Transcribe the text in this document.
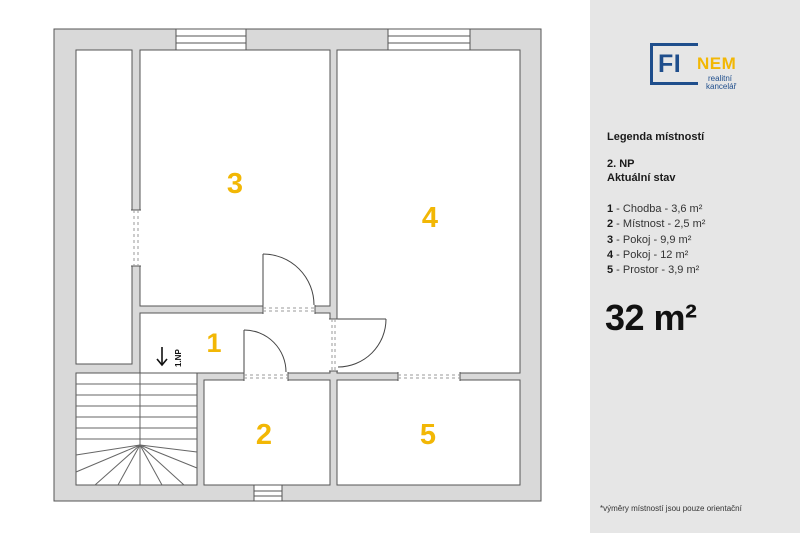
1.NP
3
4
1
2	5
FI NEM
realitní
kancelář
Legenda místností
2. NP
Aktuální stav
1 - Chodba - 3,6 m²
2 - Místnost - 2,5 m²
3 - Pokoj - 9,9 m²
4 - Pokoj - 12 m²
5 - Prostor - 3,9 m²
32 m²
*výměry místností jsou pouze orientační
